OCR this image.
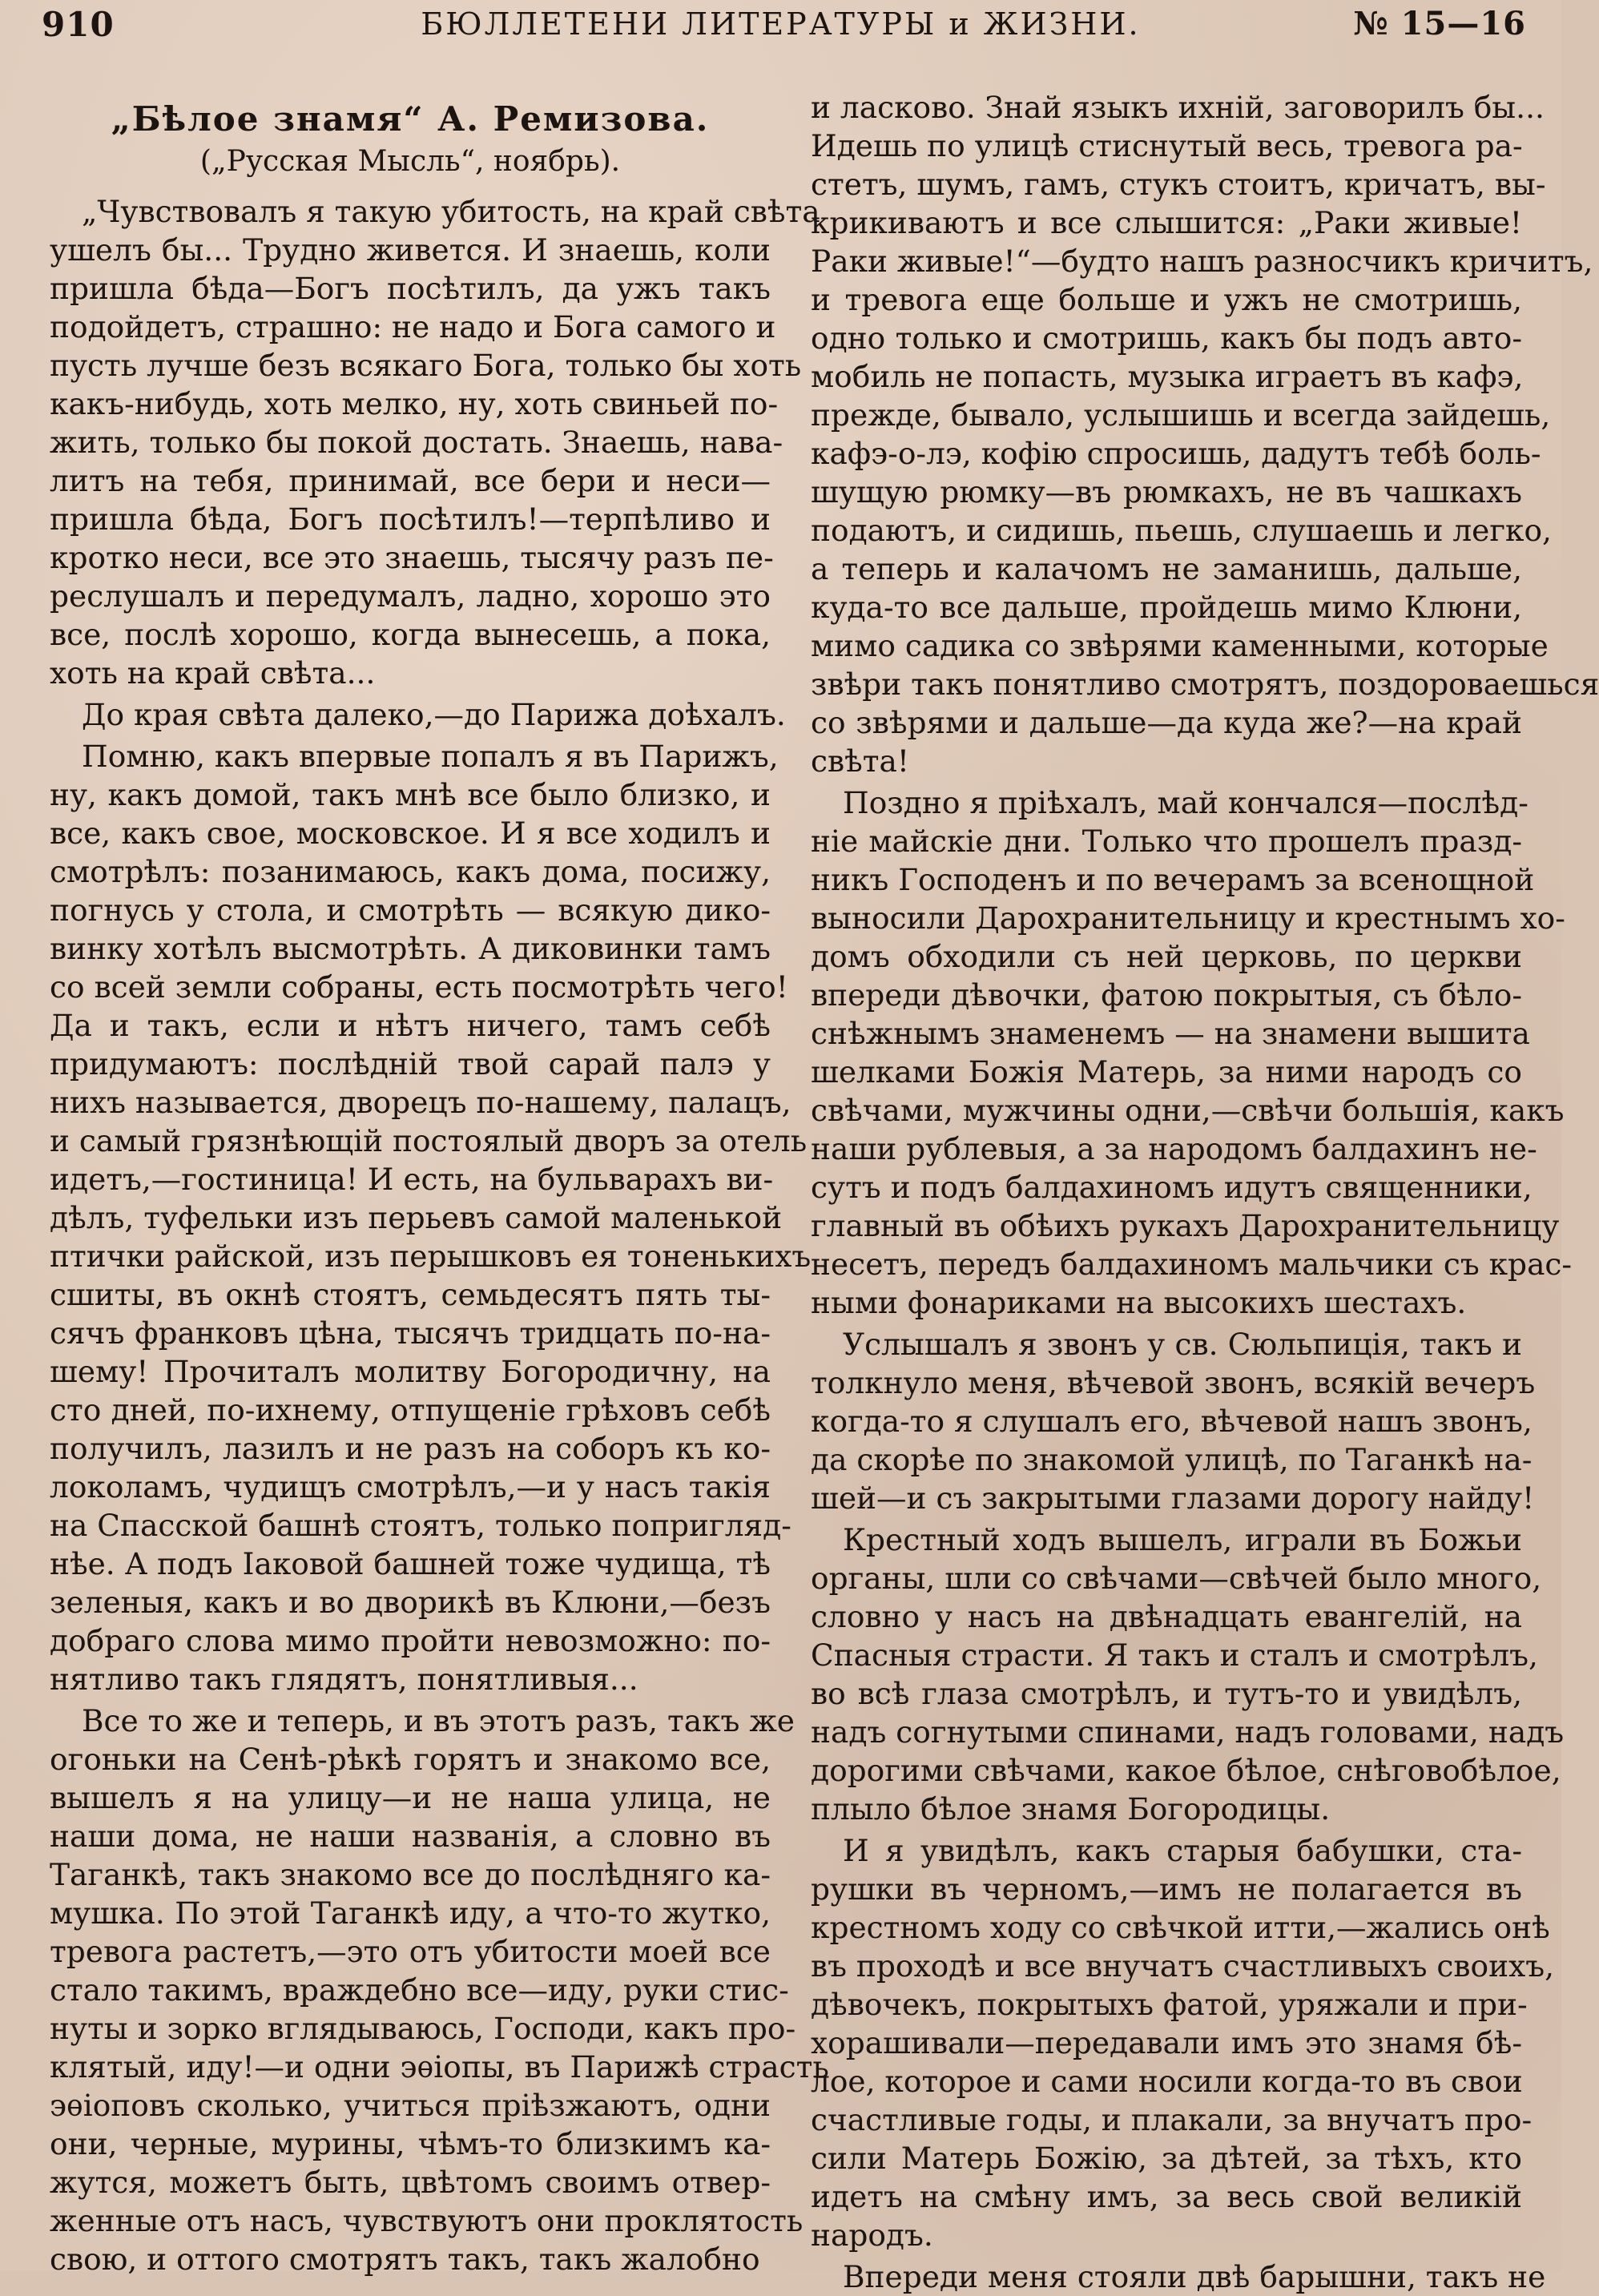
910	БЮЛЛЕТЕНИ ЛИТЕРАТУРЫ и ЖИЗНИ.	№ 15—16
„Бѣлое знамя“ А. Ремизова.
(„Русская Мысль“, ноябрь).
„Чувствовалъ я такую убитость, на край свѣта
ушелъ бы... Трудно живется. И знаешь, коли
пришла бѣда—Богъ посѣтилъ, да ужъ такъ
подойдетъ, страшно: не надо и Бога самого и
пусть лучше безъ всякаго Бога, только бы хоть
какъ-нибудь, хоть мелко, ну, хоть свиньей по-
жить, только бы покой достать. Знаешь, нава-
литъ на тебя, принимай, все бери и неси—
пришла бѣда, Богъ посѣтилъ!—терпѣливо и
кротко неси, все это знаешь, тысячу разъ пе-
реслушалъ и передумалъ, ладно, хорошо это
все, послѣ хорошо, когда вынесешь, а пока,
хоть на край свѣта...
До края свѣта далеко,—до Парижа доѣхалъ.
Помню, какъ впервые попалъ я въ Парижъ,
ну, какъ домой, такъ мнѣ все было близко, и
все, какъ свое, московское. И я все ходилъ и
смотрѣлъ: позанимаюсь, какъ дома, посижу,
погнусь у стола, и смотрѣть — всякую дико-
винку хотѣлъ высмотрѣть. А диковинки тамъ
со всей земли собраны, есть посмотрѣть чего!
Да и такъ, если и нѣтъ ничего, тамъ себѣ
придумаютъ: послѣдній твой сарай палэ у
нихъ называется, дворецъ по-нашему, палацъ,
и самый грязнѣющій постоялый дворъ за отель
идетъ,—гостиница! И есть, на бульварахъ ви-
дѣлъ, туфельки изъ перьевъ самой маленькой
птички райской, изъ перышковъ ея тоненькихъ
сшиты, въ окнѣ стоятъ, семьдесятъ пять ты-
сячъ франковъ цѣна, тысячъ тридцать по-на-
шему! Прочиталъ молитву Богородичну, на
сто дней, по-ихнему, отпущеніе грѣховъ себѣ
получилъ, лазилъ и не разъ на соборъ къ ко-
локоламъ, чудищъ смотрѣлъ,—и у насъ такія
на Спасской башнѣ стоятъ, только попригляд-
нѣе. А подъ Іаковой башней тоже чудища, тѣ
зеленыя, какъ и во дворикѣ въ Клюни,—безъ
добраго слова мимо пройти невозможно: по-
нятливо такъ глядятъ, понятливыя...
Все то же и теперь, и въ этотъ разъ, такъ же
огоньки на Сенѣ-рѣкѣ горятъ и знакомо все,
вышелъ я на улицу—и не наша улица, не
наши дома, не наши названія, а словно въ
Таганкѣ, такъ знакомо все до послѣдняго ка-
мушка. По этой Таганкѣ иду, а что-то жутко,
тревога растетъ,—это отъ убитости моей все
стало такимъ, враждебно все—иду, руки стис-
нуты и зорко вглядываюсь, Господи, какъ про-
клятый, иду!—и одни эѳіопы, въ Парижѣ страсть
эѳіоповъ сколько, учиться пріѣзжаютъ, одни
они, черные, мурины, чѣмъ-то близкимъ ка-
жутся, можетъ быть, цвѣтомъ своимъ отвер-
женные отъ насъ, чувствуютъ они проклятость
свою, и оттого смотрятъ такъ, такъ жалобно
и ласково. Знай языкъ ихній, заговорилъ бы...
Идешь по улицѣ стиснутый весь, тревога ра-
стетъ, шумъ, гамъ, стукъ стоитъ, кричатъ, вы-
крикиваютъ и все слышится: „Раки живые!
Раки живые!“—будто нашъ разносчикъ кричитъ,
и тревога еще больше и ужъ не смотришь,
одно только и смотришь, какъ бы подъ авто-
мобиль не попасть, музыка играетъ въ кафэ,
прежде, бывало, услышишь и всегда зайдешь,
кафэ-о-лэ, кофію спросишь, дадутъ тебѣ боль-
шущую рюмку—въ рюмкахъ, не въ чашкахъ
подаютъ, и сидишь, пьешь, слушаешь и легко,
а теперь и калачомъ не заманишь, дальше,
куда-то все дальше, пройдешь мимо Клюни,
мимо садика со звѣрями каменными, которые
звѣри такъ понятливо смотрятъ, поздороваешься
со звѣрями и дальше—да куда же?—на край
свѣта!
Поздно я пріѣхалъ, май кончался—послѣд-
ніе майскіе дни. Только что прошелъ празд-
никъ Господенъ и по вечерамъ за всенощной
выносили Дарохранительницу и крестнымъ хо-
домъ обходили съ ней церковь, по церкви
впереди дѣвочки, фатою покрытыя, съ бѣло-
снѣжнымъ знаменемъ — на знамени вышита
шелками Божія Матерь, за ними народъ со
свѣчами, мужчины одни,—свѣчи большія, какъ
наши рублевыя, а за народомъ балдахинъ не-
сутъ и подъ балдахиномъ идутъ священники,
главный въ обѣихъ рукахъ Дарохранительницу
несетъ, передъ балдахиномъ мальчики съ крас-
ными фонариками на высокихъ шестахъ.
Услышалъ я звонъ у св. Сюльпиція, такъ и
толкнуло меня, вѣчевой звонъ, всякій вечеръ
когда-то я слушалъ его, вѣчевой нашъ звонъ,
да скорѣе по знакомой улицѣ, по Таганкѣ на-
шей—и съ закрытыми глазами дорогу найду!
Крестный ходъ вышелъ, играли въ Божьи
органы, шли со свѣчами—свѣчей было много,
словно у насъ на двѣнадцать евангелій, на
Спасныя страсти. Я такъ и сталъ и смотрѣлъ,
во всѣ глаза смотрѣлъ, и тутъ-то и увидѣлъ,
надъ согнутыми спинами, надъ головами, надъ
дорогими свѣчами, какое бѣлое, снѣговобѣлое,
плыло бѣлое знамя Богородицы.
И я увидѣлъ, какъ старыя бабушки, ста-
рушки въ черномъ,—имъ не полагается въ
крестномъ ходу со свѣчкой итти,—жались онѣ
въ проходѣ и все внучатъ счастливыхъ своихъ,
дѣвочекъ, покрытыхъ фатой, уряжали и при-
хорашивали—передавали имъ это знамя бѣ-
лое, которое и сами носили когда-то въ свои
счастливые годы, и плакали, за внучатъ про-
сили Матерь Божію, за дѣтей, за тѣхъ, кто
идетъ на смѣну имъ, за весь свой великій
народъ.
Впереди меня стояли двѣ барышни, такъ не
